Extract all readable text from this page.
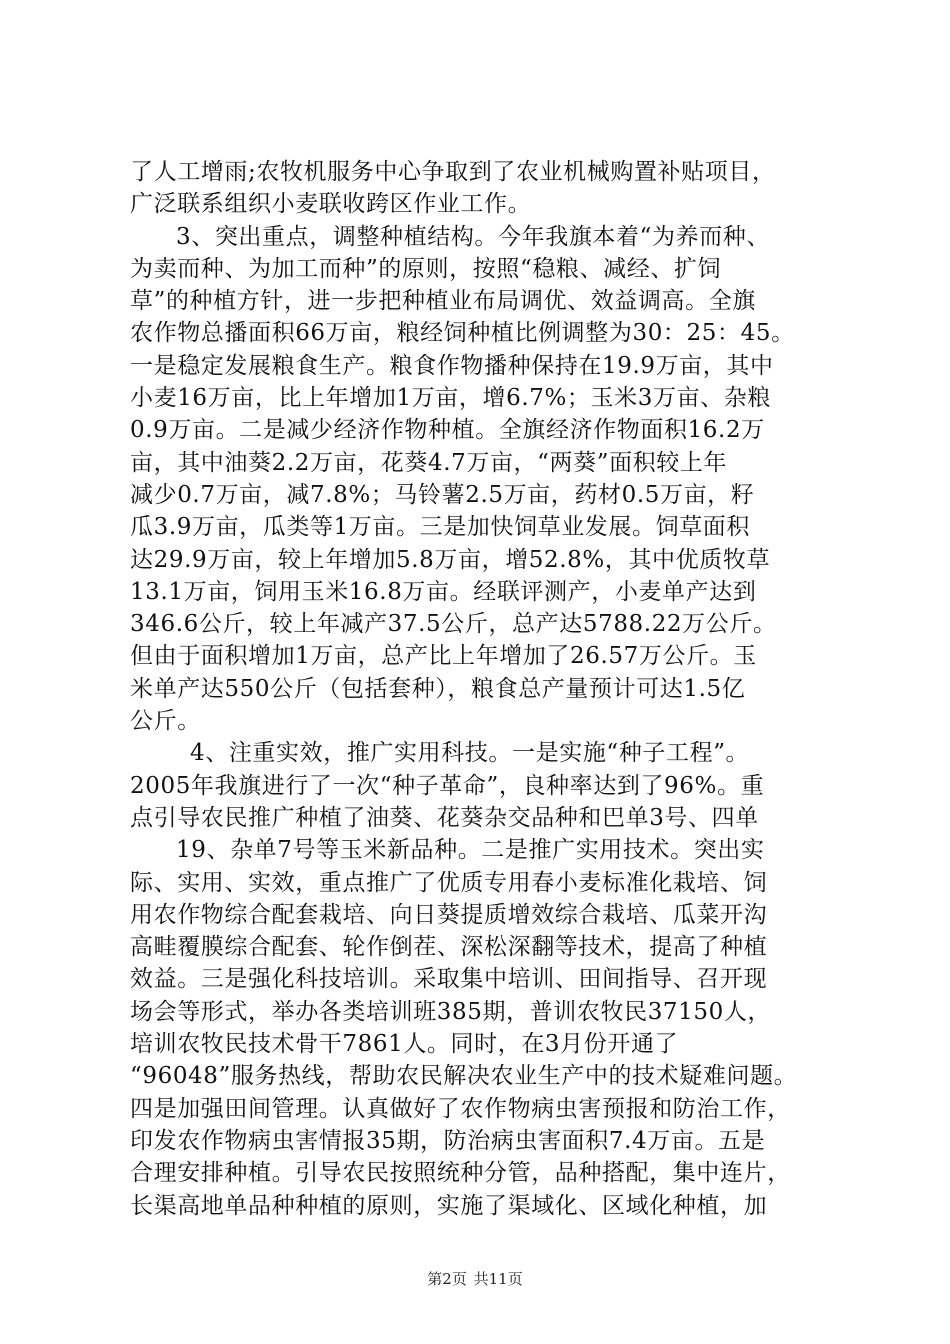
了人工增雨;农牧机服务中心争取到了农业机械购置补贴项目，
广泛联系组织小麦联收跨区作业工作。
3、突出重点，调整种植结构。今年我旗本着“为养而种、
为卖而种、为加工而种”的原则，按照“稳粮、减经、扩饲
草”的种植方针，进一步把种植业布局调优、效益调高。全旗
农作物总播面积66万亩，粮经饲种植比例调整为30：25：45。
一是稳定发展粮食生产。粮食作物播种保持在19.9万亩，其中
小麦16万亩，比上年增加1万亩，增6.7%；玉米3万亩、杂粮
0.9万亩。二是减少经济作物种植。全旗经济作物面积16.2万
亩，其中油葵2.2万亩，花葵4.7万亩，“两葵”面积较上年
减少0.7万亩，减7.8%；马铃薯2.5万亩，药材0.5万亩，籽
瓜3.9万亩，瓜类等1万亩。三是加快饲草业发展。饲草面积
达29.9万亩，较上年增加5.8万亩，增52.8%，其中优质牧草
13.1万亩，饲用玉米16.8万亩。经联评测产，小麦单产达到
346.6公斤，较上年减产37.5公斤，总产达5788.22万公斤。
但由于面积增加1万亩，总产比上年增加了26.57万公斤。玉
米单产达550公斤（包括套种），粮食总产量预计可达1.5亿
公斤。
4、注重实效，推广实用科技。一是实施“种子工程”。
2005年我旗进行了一次“种子革命”，良种率达到了96%。重
点引导农民推广种植了油葵、花葵杂交品种和巴单3号、四单
19、杂单7号等玉米新品种。二是推广实用技术。突出实
际、实用、实效，重点推广了优质专用春小麦标准化栽培、饲
用农作物综合配套栽培、向日葵提质增效综合栽培、瓜菜开沟
高畦覆膜综合配套、轮作倒茬、深松深翻等技术，提高了种植
效益。三是强化科技培训。采取集中培训、田间指导、召开现
场会等形式，举办各类培训班385期，普训农牧民37150人，
培训农牧民技术骨干7861人。同时，在3月份开通了
“96048”服务热线，帮助农民解决农业生产中的技术疑难问题。
四是加强田间管理。认真做好了农作物病虫害预报和防治工作，
印发农作物病虫害情报35期，防治病虫害面积7.4万亩。五是
合理安排种植。引导农民按照统种分管，品种搭配，集中连片，
长渠高地单品种种植的原则，实施了渠域化、区域化种植，加
第2页 共11页
